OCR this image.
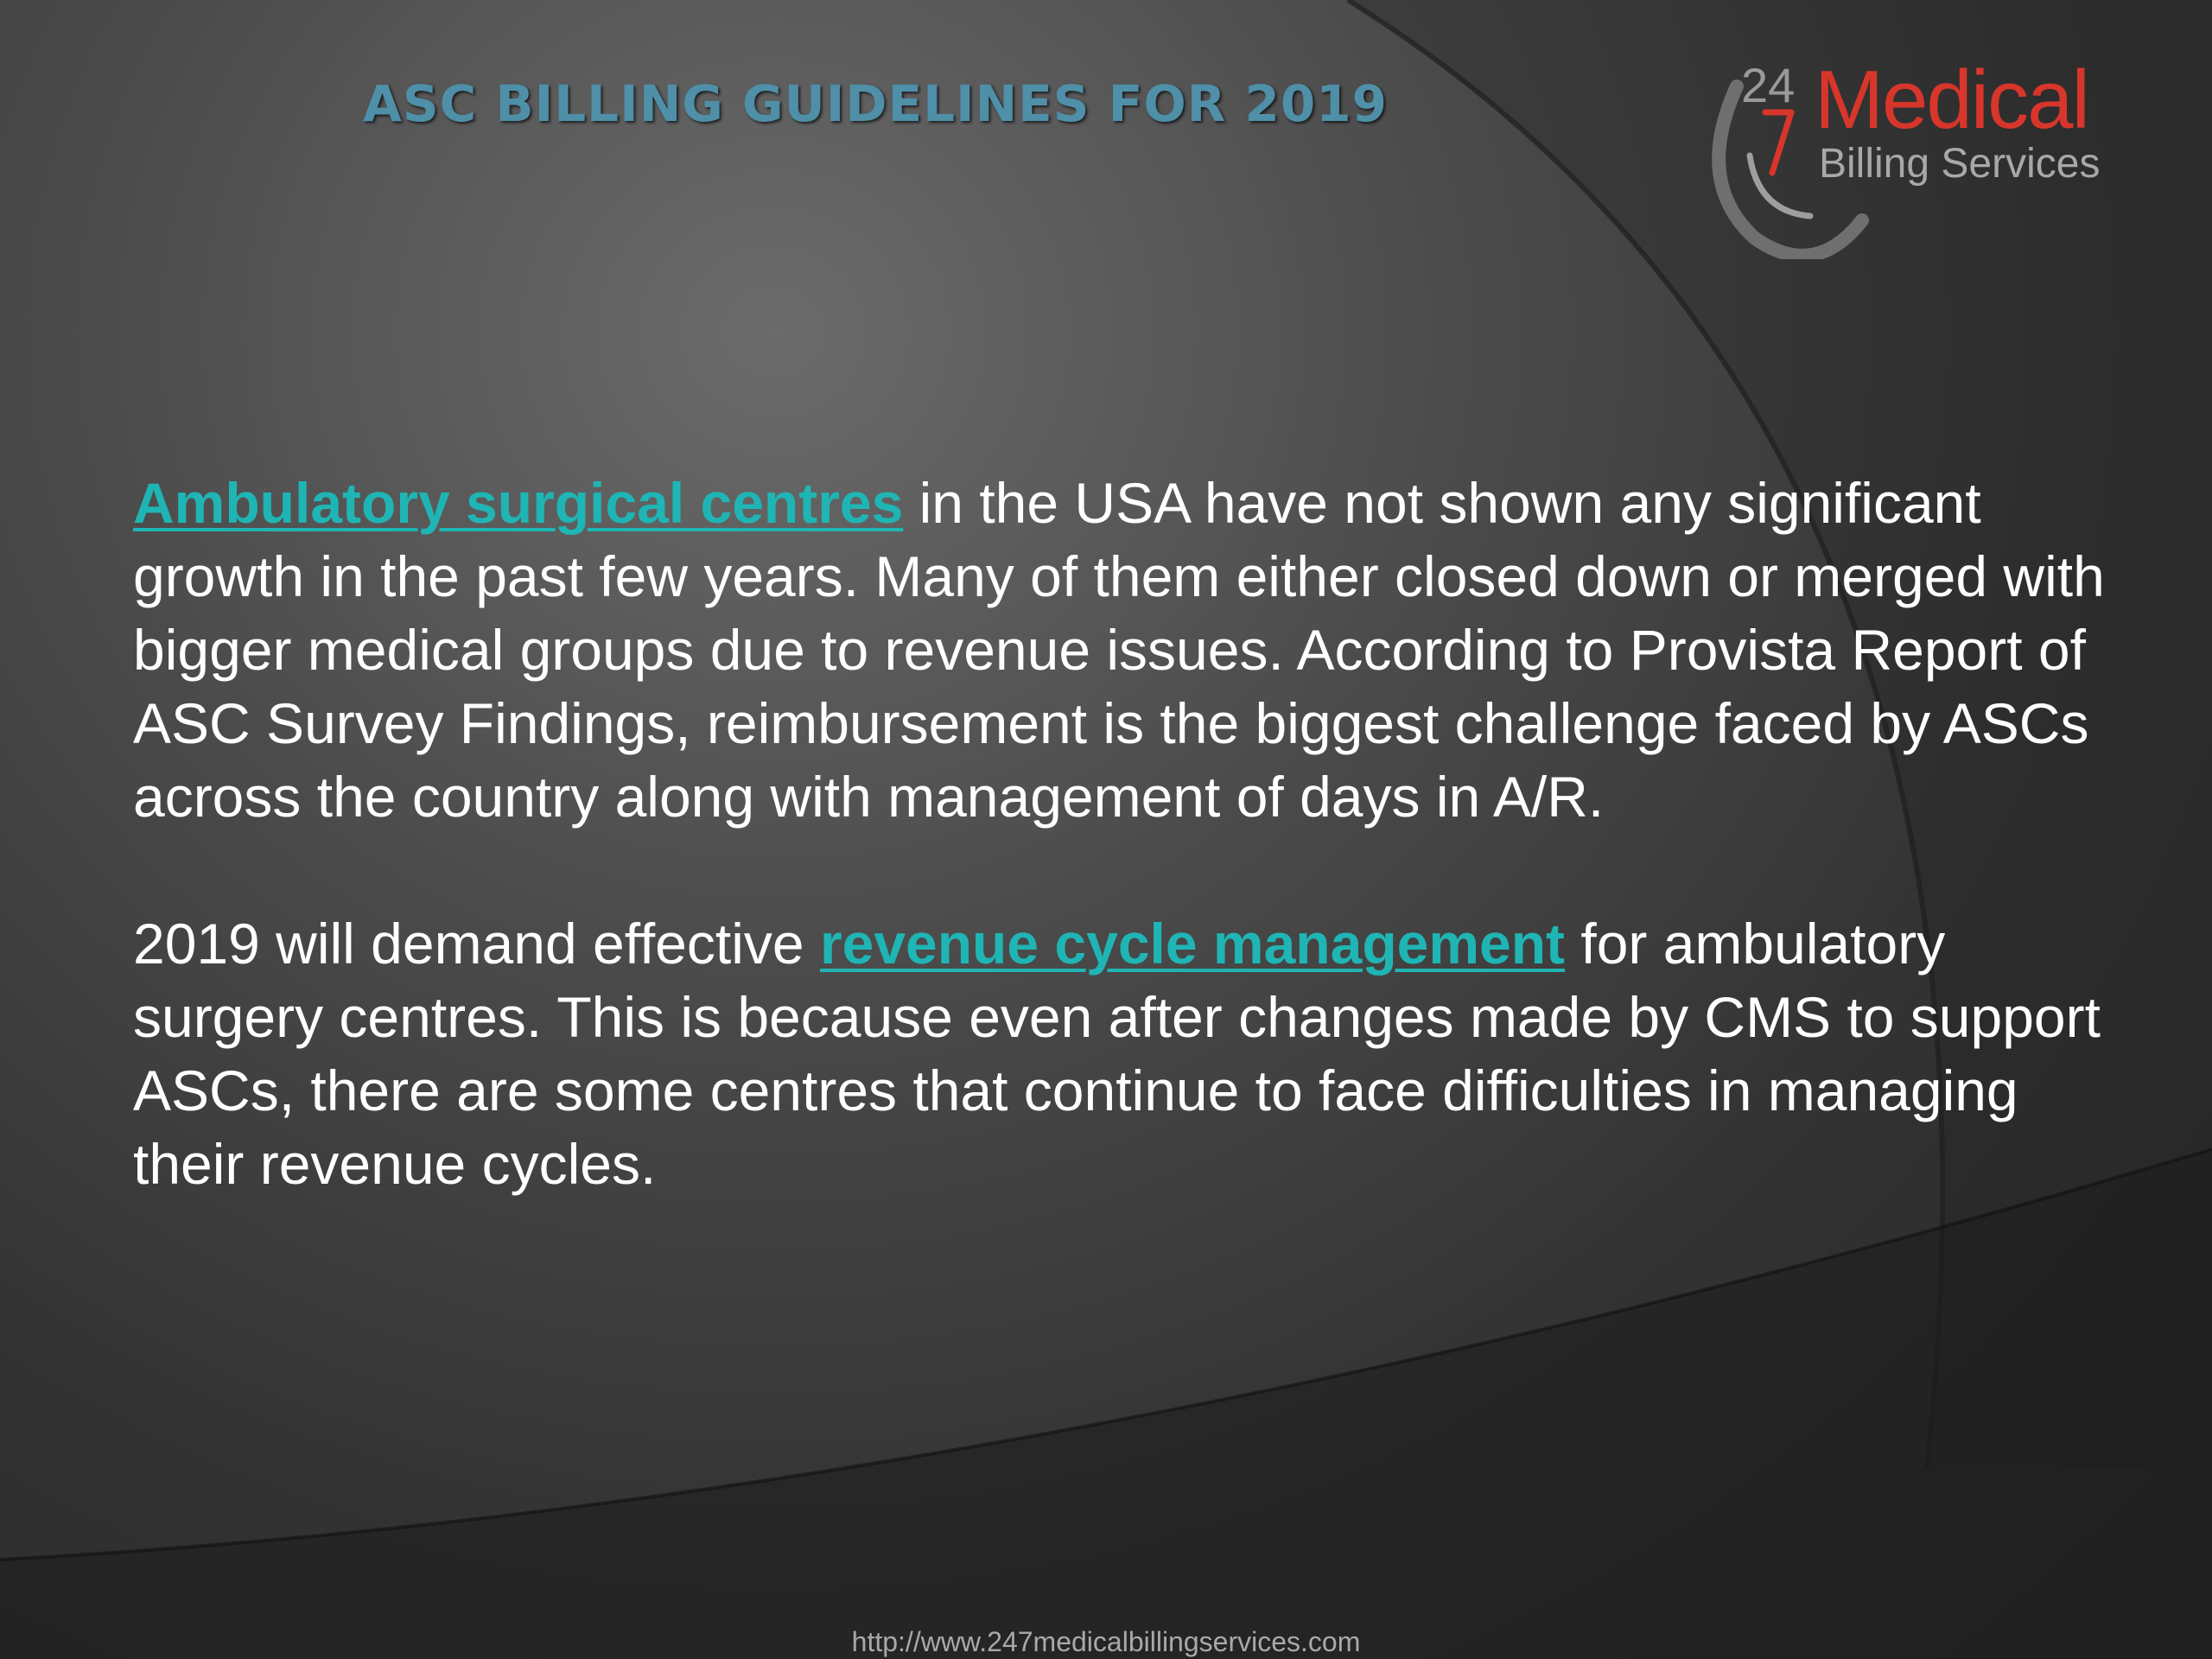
ASC BILLING GUIDELINES FOR 2019	24 Medical
Billing Services

Ambulatory surgical centres in the USA have not shown any significant growth in the past few years. Many of them either closed down or merged with bigger medical groups due to revenue issues. According to Provista Report of ASC Survey Findings, reimbursement is the biggest challenge faced by ASCs across the country along with management of days in A/R.

2019 will demand effective revenue cycle management for ambulatory surgery centres. This is because even after changes made by CMS to support ASCs, there are some centres that continue to face difficulties in managing their revenue cycles.

http://www.247medicalbillingservices.com
